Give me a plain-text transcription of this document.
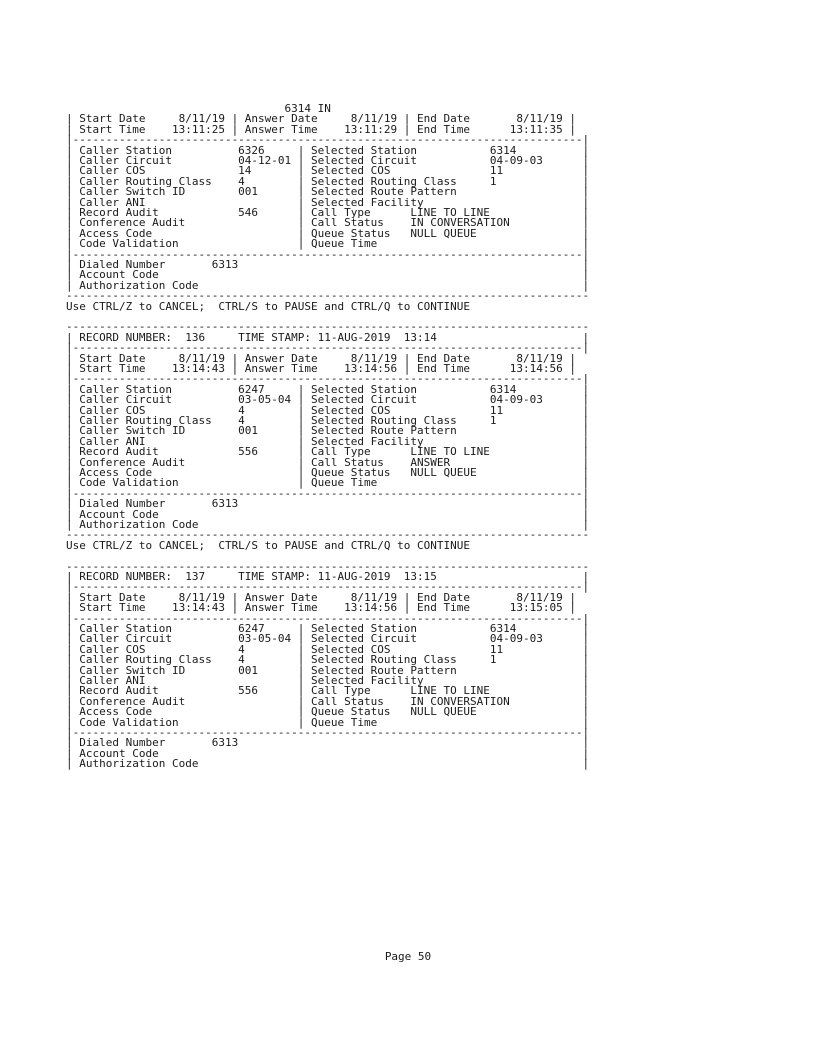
6314 IN
| Start Date     8/11/19 | Answer Date     8/11/19 | End Date       8/11/19 |
| Start Time    13:11:25 | Answer Time    13:11:29 | End Time      13:11:35 |
|-----------------------------------------------------------------------------|
| Caller Station          6326     | Selected Station           6314          |
| Caller Circuit          04-12-01 | Selected Circuit           04-09-03      |
| Caller COS              14       | Selected COS               11            |
| Caller Routing Class    4        | Selected Routing Class     1             |
| Caller Switch ID        001      | Selected Route Pattern                   |
| Caller ANI                       | Selected Facility                        |
| Record Audit            546      | Call Type      LINE TO LINE              |
| Conference Audit                 | Call Status    IN CONVERSATION           |
| Access Code                      | Queue Status   NULL QUEUE                |
| Code Validation                  | Queue Time                               |
|-----------------------------------------------------------------------------|
| Dialed Number       6313                                                    |
| Account Code                                                                |
| Authorization Code                                                          |
-------------------------------------------------------------------------------
Use CTRL/Z to CANCEL;  CTRL/S to PAUSE and CTRL/Q to CONTINUE
-------------------------------------------------------------------------------
| RECORD NUMBER:  136     TIME STAMP: 11-AUG-2019  13:14                      |
|-----------------------------------------------------------------------------|
| Start Date     8/11/19 | Answer Date     8/11/19 | End Date       8/11/19 |
| Start Time    13:14:43 | Answer Time    13:14:56 | End Time      13:14:56 |
|-----------------------------------------------------------------------------|
| Caller Station          6247     | Selected Station           6314          |
| Caller Circuit          03-05-04 | Selected Circuit           04-09-03      |
| Caller COS              4        | Selected COS               11            |
| Caller Routing Class    4        | Selected Routing Class     1             |
| Caller Switch ID        001      | Selected Route Pattern                   |
| Caller ANI                       | Selected Facility                        |
| Record Audit            556      | Call Type      LINE TO LINE              |
| Conference Audit                 | Call Status    ANSWER                    |
| Access Code                      | Queue Status   NULL QUEUE                |
| Code Validation                  | Queue Time                               |
|-----------------------------------------------------------------------------|
| Dialed Number       6313                                                    |
| Account Code                                                                |
| Authorization Code                                                          |
-------------------------------------------------------------------------------
Use CTRL/Z to CANCEL;  CTRL/S to PAUSE and CTRL/Q to CONTINUE
-------------------------------------------------------------------------------
| RECORD NUMBER:  137     TIME STAMP: 11-AUG-2019  13:15                      |
|-----------------------------------------------------------------------------|
| Start Date     8/11/19 | Answer Date     8/11/19 | End Date       8/11/19 |
| Start Time    13:14:43 | Answer Time    13:14:56 | End Time      13:15:05 |
|-----------------------------------------------------------------------------|
| Caller Station          6247     | Selected Station           6314          |
| Caller Circuit          03-05-04 | Selected Circuit           04-09-03      |
| Caller COS              4        | Selected COS               11            |
| Caller Routing Class    4        | Selected Routing Class     1             |
| Caller Switch ID        001      | Selected Route Pattern                   |
| Caller ANI                       | Selected Facility                        |
| Record Audit            556      | Call Type      LINE TO LINE              |
| Conference Audit                 | Call Status    IN CONVERSATION           |
| Access Code                      | Queue Status   NULL QUEUE                |
| Code Validation                  | Queue Time                               |
|-----------------------------------------------------------------------------|
| Dialed Number       6313                                                    |
| Account Code                                                                |
| Authorization Code                                                          |
Page 50
